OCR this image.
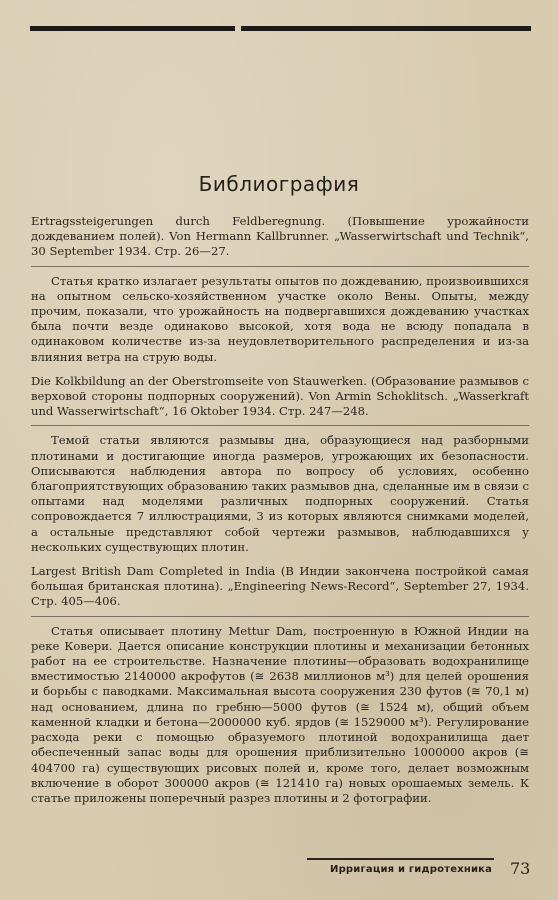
Библиография

Ertragssteigerungen durch Feldberegnung. (Повышение урожайности дождеванием полей). Von Hermann Kallbrunner. „Wasserwirtschaft und Technik“, 30 September 1934. Стр. 26—27.

Статья кратко излагает результаты опытов по дождеванию, произвоившихся на опытном сельско-хозяйственном участке около Вены. Опыты, между прочим, показали, что урожайность на подвергавшихся дождеванию участках была почти везде одинаково высокой, хотя вода не всюду попадала в одинаковом количестве из-за неудовлетворительного распределения и из-за влияния ветра на струю воды.

Die Kolkbildung an der Oberstromseite von Stauwerken. (Образование размывов с верховой стороны подпорных сооружений). Von Armin Schoklitsch. „Wasserkraft und Wasserwirtschaft“, 16 Oktober 1934. Стр. 247—248.

Темой статьи являются размывы дна, образующиеся над разборными плотинами и достигающие иногда размеров, угрожающих их безопасности. Описываются наблюдения автора по вопросу об условиях, особенно благоприятствующих образованию таких размывов дна, сделанные им в связи с опытами над моделями различных подпорных сооружений. Статья сопровождается 7 иллюстрациями, 3 из которых являются снимками моделей, а остальные представляют собой чертежи размывов, наблюдавшихся у нескольких существующих плотин.

Largest British Dam Completed in India (В Индии закончена постройкой самая большая британская плотина). „Engineering News-Record“, September 27, 1934. Стр. 405—406.

Статья описывает плотину Mettur Dam, построенную в Южной Индии на реке Ковери. Дается описание конструкции плотины и механизации бетонных работ на ее строительстве. Назначение плотины—образовать водохранилище вместимостью 2140000 акрофутов (≅ 2638 миллионов м³) для целей орошения и борьбы с паводками. Максимальная высота сооружения 230 футов (≅ 70,1 м) над основанием, длина по гребню—5000 футов (≅ 1524 м), общий объем каменной кладки и бетона—2000000 куб. ярдов (≅ 1529000 м³). Регулирование расхода реки с помощью образуемого плотиной водохранилища дает обеспеченный запас воды для орошения приблизительно 1000000 акров (≅ 404700 га) существующих рисовых полей и, кроме того, делает возможным включение в оборот 300000 акров (≅ 121410 га) новых орошаемых земель. К статье приложены поперечный разрез плотины и 2 фотографии.

Ирригация и гидротехника 73
